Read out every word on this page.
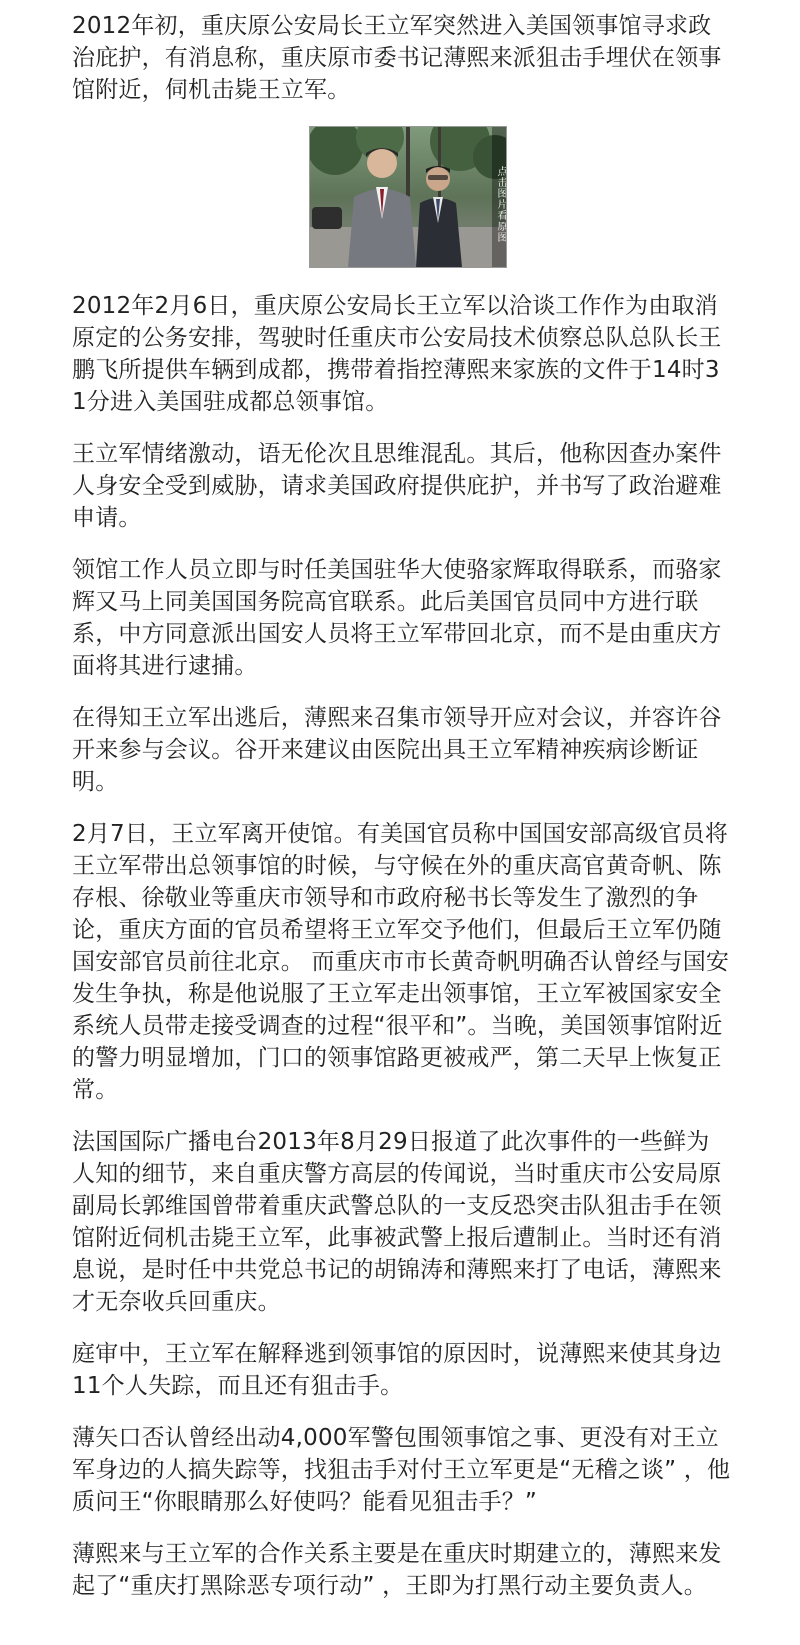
2012年初，重庆原公安局长王立军突然进入美国领事馆寻求政治庇护，有消息称，重庆原市委书记薄熙来派狙击手埋伏在领事馆附近，伺机击毙王立军。

点击图片看原图

2012年2月6日，重庆原公安局长王立军以洽谈工作作为由取消原定的公务安排，驾驶时任重庆市公安局技术侦察总队总队长王鹏飞所提供车辆到成都，携带着指控薄熙来家族的文件于14时31分进入美国驻成都总领事馆。

王立军情绪激动，语无伦次且思维混乱。其后，他称因查办案件人身安全受到威胁，请求美国政府提供庇护，并书写了政治避难申请。

领馆工作人员立即与时任美国驻华大使骆家辉取得联系，而骆家辉又马上同美国国务院高官联系。此后美国官员同中方进行联系，中方同意派出国安人员将王立军带回北京，而不是由重庆方面将其进行逮捕。

在得知王立军出逃后，薄熙来召集市领导开应对会议，并容许谷开来参与会议。谷开来建议由医院出具王立军精神疾病诊断证明。

2月7日，王立军离开使馆。有美国官员称中国国安部高级官员将王立军带出总领事馆的时候，与守候在外的重庆高官黄奇帆、陈存根、徐敬业等重庆市领导和市政府秘书长等发生了激烈的争论，重庆方面的官员希望将王立军交予他们，但最后王立军仍随国安部官员前往北京。 而重庆市市长黄奇帆明确否认曾经与国安发生争执，称是他说服了王立军走出领事馆，王立军被国家安全系统人员带走接受调查的过程“很平和”。当晚，美国领事馆附近的警力明显增加，门口的领事馆路更被戒严，第二天早上恢复正常。

法国国际广播电台2013年8月29日报道了此次事件的一些鲜为人知的细节，来自重庆警方高层的传闻说，当时重庆市公安局原副局长郭维国曾带着重庆武警总队的一支反恐突击队狙击手在领馆附近伺机击毙王立军，此事被武警上报后遭制止。当时还有消息说，是时任中共党总书记的胡锦涛和薄熙来打了电话，薄熙来才无奈收兵回重庆。

庭审中，王立军在解释逃到领事馆的原因时，说薄熙来使其身边11个人失踪，而且还有狙击手。

薄矢口否认曾经出动4,000军警包围领事馆之事、更没有对王立军身边的人搞失踪等，找狙击手对付王立军更是“无稽之谈” ，他质问王“你眼睛那么好使吗？能看见狙击手？”

薄熙来与王立军的合作关系主要是在重庆时期建立的，薄熙来发起了“重庆打黑除恶专项行动” ，王即为打黑行动主要负责人。
